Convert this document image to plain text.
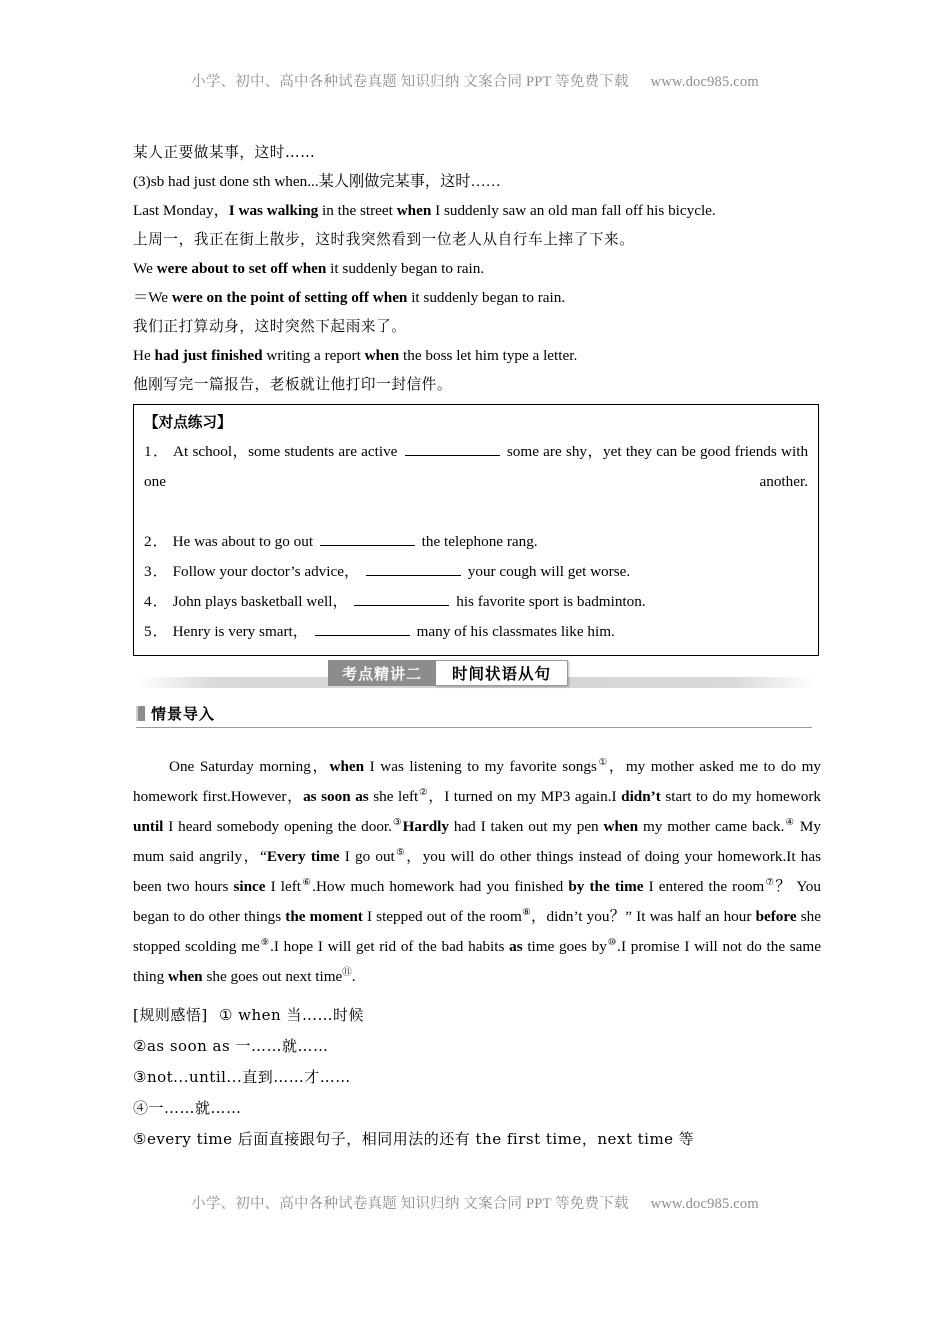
小学、初中、高中各种试卷真题 知识归纳 文案合同 PPT 等免费下载 www.doc985.com
某人正要做某事，这时……
(3)sb had just done sth when...某人刚做完某事，这时……
Last Monday，I was walking in the street when I suddenly saw an old man fall off his bicycle.
上周一，我正在街上散步，这时我突然看到一位老人从自行车上摔了下来。
We were about to set off when it suddenly began to rain.
＝We were on the point of setting off when it suddenly began to rain.
我们正打算动身，这时突然下起雨来了。
He had just finished writing a report when the boss let him type a letter.
他刚写完一篇报告，老板就让他打印一封信件。
【对点练习】
1． At school，some students are active	some are shy，yet they can be good friends with one another.
2． He was about to go out	the telephone rang.
3． Follow your doctor’s advice，	your cough will get worse.
4． John plays basketball well，	his favorite sport is badminton.
5． Henry is very smart，	many of his classmates like him.
考点精讲二	时间状语从句
情景导入
One Saturday morning，when I was listening to my favorite songs①，my mother asked me to do my homework first.However，as soon as she left②，I turned on my MP3 again.I didn’t start to do my homework until I heard somebody opening the door.③Hardly had I taken out my pen when my mother came back.④ My mum said angrily，“Every time I go out⑤，you will do other things instead of doing your homework.It has been two hours since I left⑥.How much homework had you finished by the time I entered the room⑦？ You began to do other things the moment I stepped out of the room⑧，didn’t you？” It was half an hour before she stopped scolding me⑨.I hope I will get rid of the bad habits as time goes by⑩.I promise I will not do the same thing when she goes out next time⑪.
[规则感悟] ① when 当……时候
②as soon as 一……就……
③not...until...直到……才……
④一……就……
⑤every time 后面直接跟句子，相同用法的还有 the first time，next time 等
小学、初中、高中各种试卷真题 知识归纳 文案合同 PPT 等免费下载 www.doc985.com
